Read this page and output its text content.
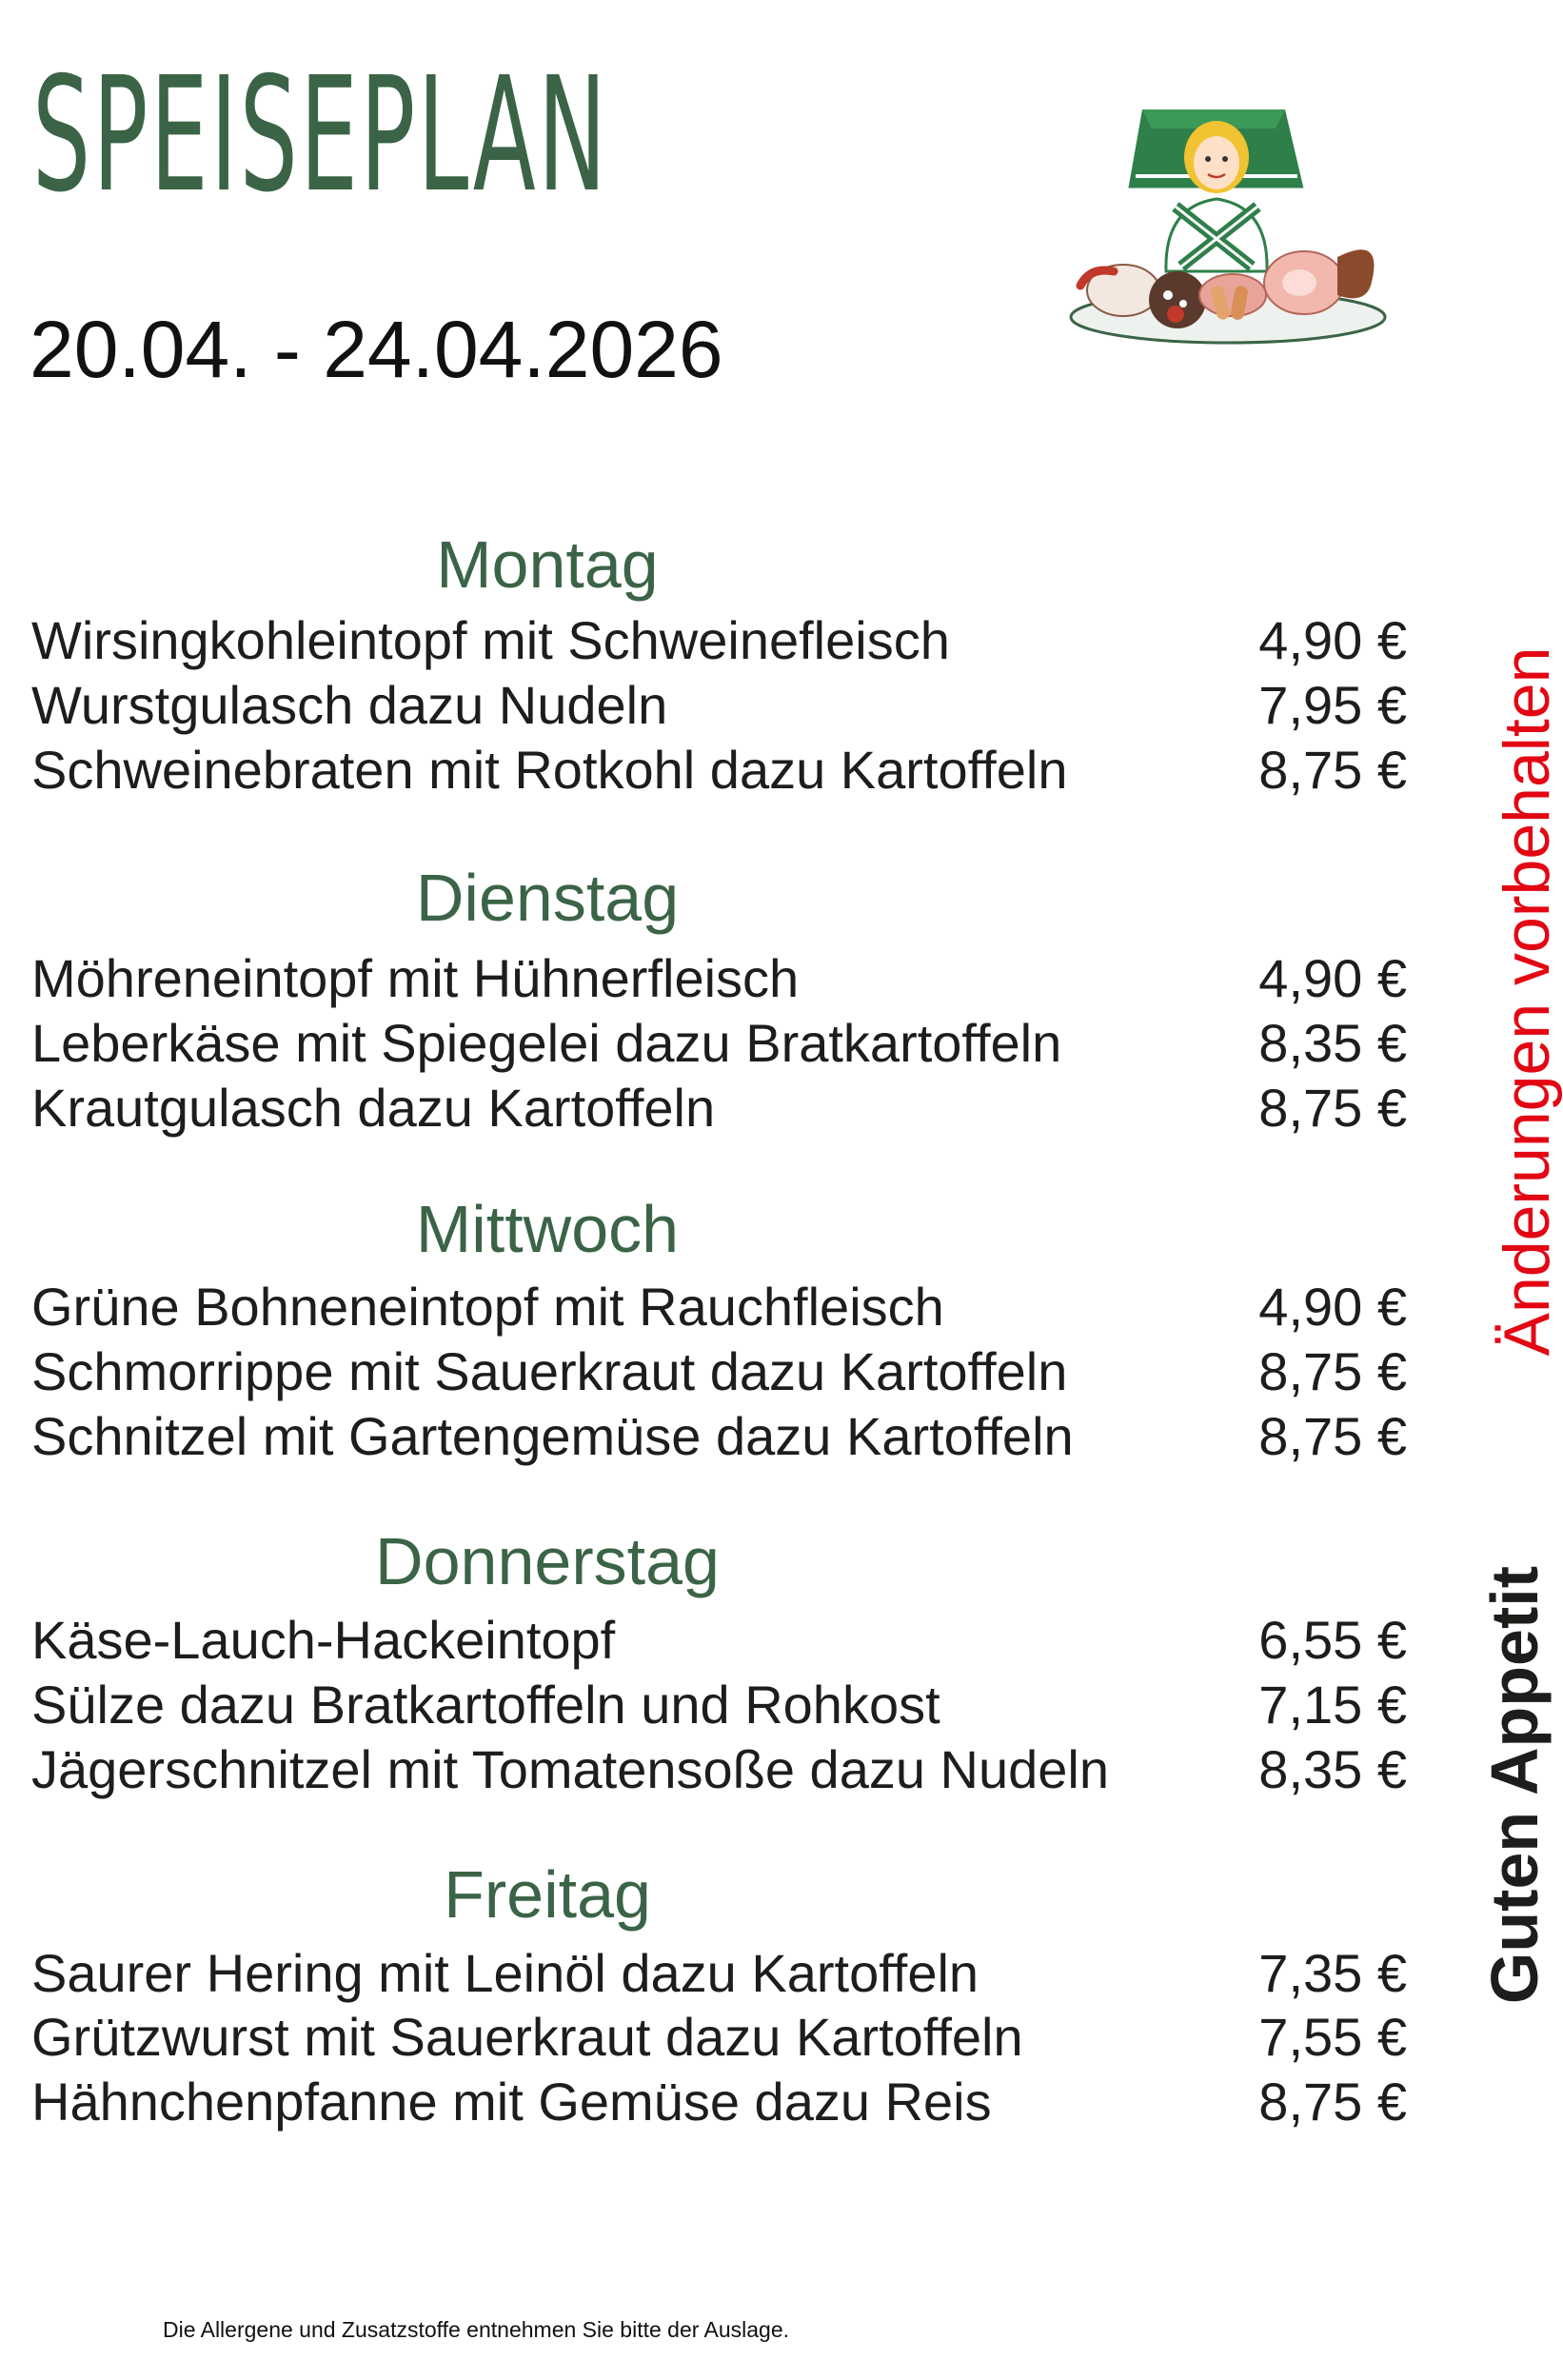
SPEISEPLAN
20.04. - 24.04.2026
Montag
Wirsingkohleintopf mit Schweinefleisch	4,90 €
Wurstgulasch dazu Nudeln	7,95 €
Schweinebraten mit Rotkohl dazu Kartoffeln	8,75 €
Dienstag
Möhreneintopf mit Hühnerfleisch	4,90 €
Leberkäse mit Spiegelei dazu Bratkartoffeln	8,35 €
Krautgulasch dazu Kartoffeln	8,75 €
Mittwoch
Grüne Bohneneintopf mit Rauchfleisch	4,90 €
Schmorrippe mit Sauerkraut dazu Kartoffeln	8,75 €
Schnitzel mit Gartengemüse dazu Kartoffeln	8,75 €
Donnerstag
Käse-Lauch-Hackeintopf	6,55 €
Sülze dazu Bratkartoffeln und Rohkost	7,15 €
Jägerschnitzel mit Tomatensoße dazu Nudeln	8,35 €
Freitag
Saurer Hering mit Leinöl dazu Kartoffeln	7,35 €
Grützwurst mit Sauerkraut dazu Kartoffeln	7,55 €
Hähnchenpfanne mit Gemüse dazu Reis	8,75 €
Änderungen vorbehalten
Guten Appetit
Die Allergene und Zusatzstoffe entnehmen Sie bitte der Auslage.
